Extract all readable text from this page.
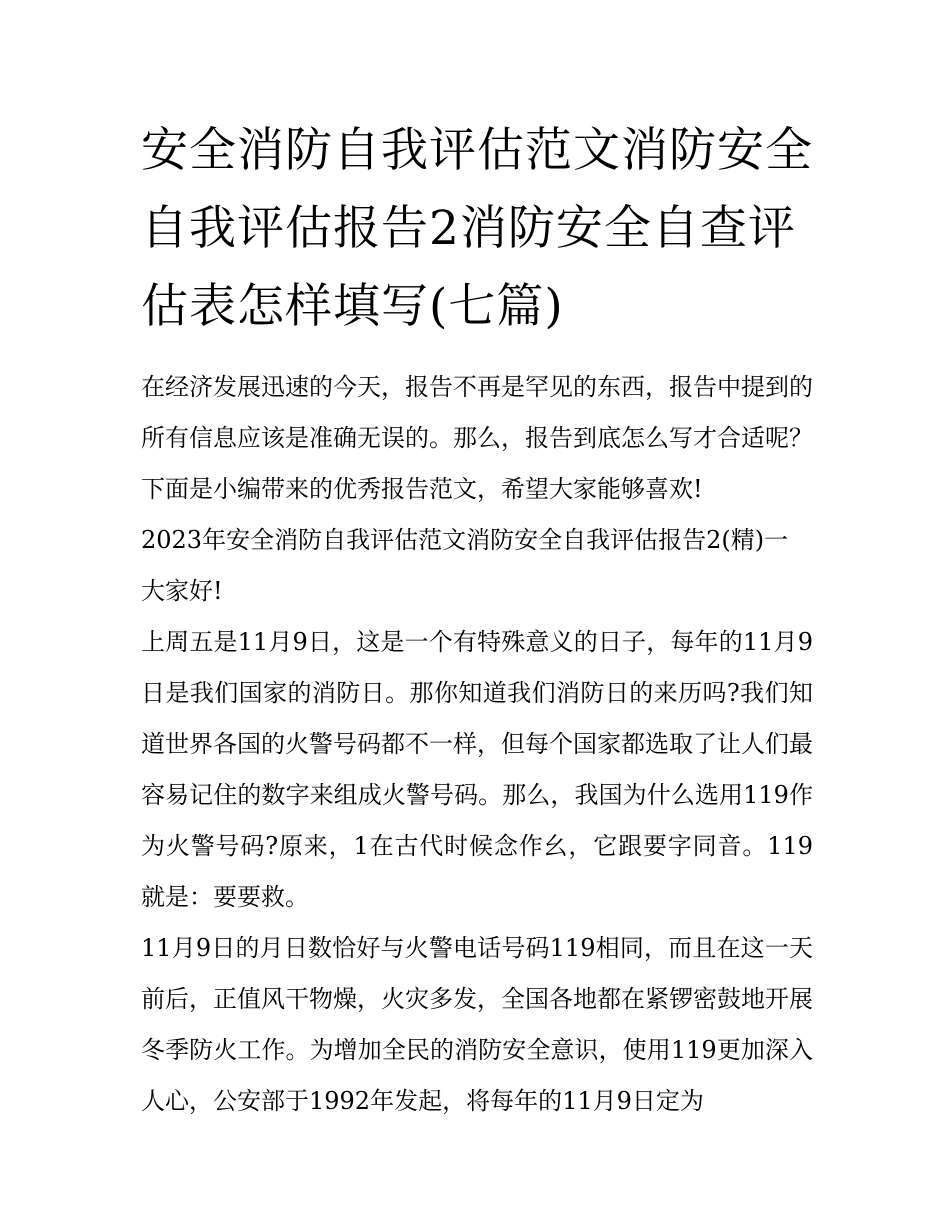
安全消防自我评估范文消防安全自我评估报告2消防安全自查评估表怎样填写(七篇)

在经济发展迅速的今天，报告不再是罕见的东西，报告中提到的所有信息应该是准确无误的。那么，报告到底怎么写才合适呢？下面是小编带来的优秀报告范文，希望大家能够喜欢!

2023年安全消防自我评估范文消防安全自我评估报告2(精)一

大家好!

上周五是11月9日，这是一个有特殊意义的日子，每年的11月9日是我们国家的消防日。那你知道我们消防日的来历吗?我们知道世界各国的火警号码都不一样，但每个国家都选取了让人们最容易记住的数字来组成火警号码。那么，我国为什么选用119作为火警号码?原来，1在古代时候念作幺，它跟要字同音。119就是：要要救。

11月9日的月日数恰好与火警电话号码119相同，而且在这一天前后，正值风干物燥，火灾多发，全国各地都在紧锣密鼓地开展冬季防火工作。为增加全民的消防安全意识，使用119更加深入人心，公安部于1992年发起，将每年的11月9日定为
